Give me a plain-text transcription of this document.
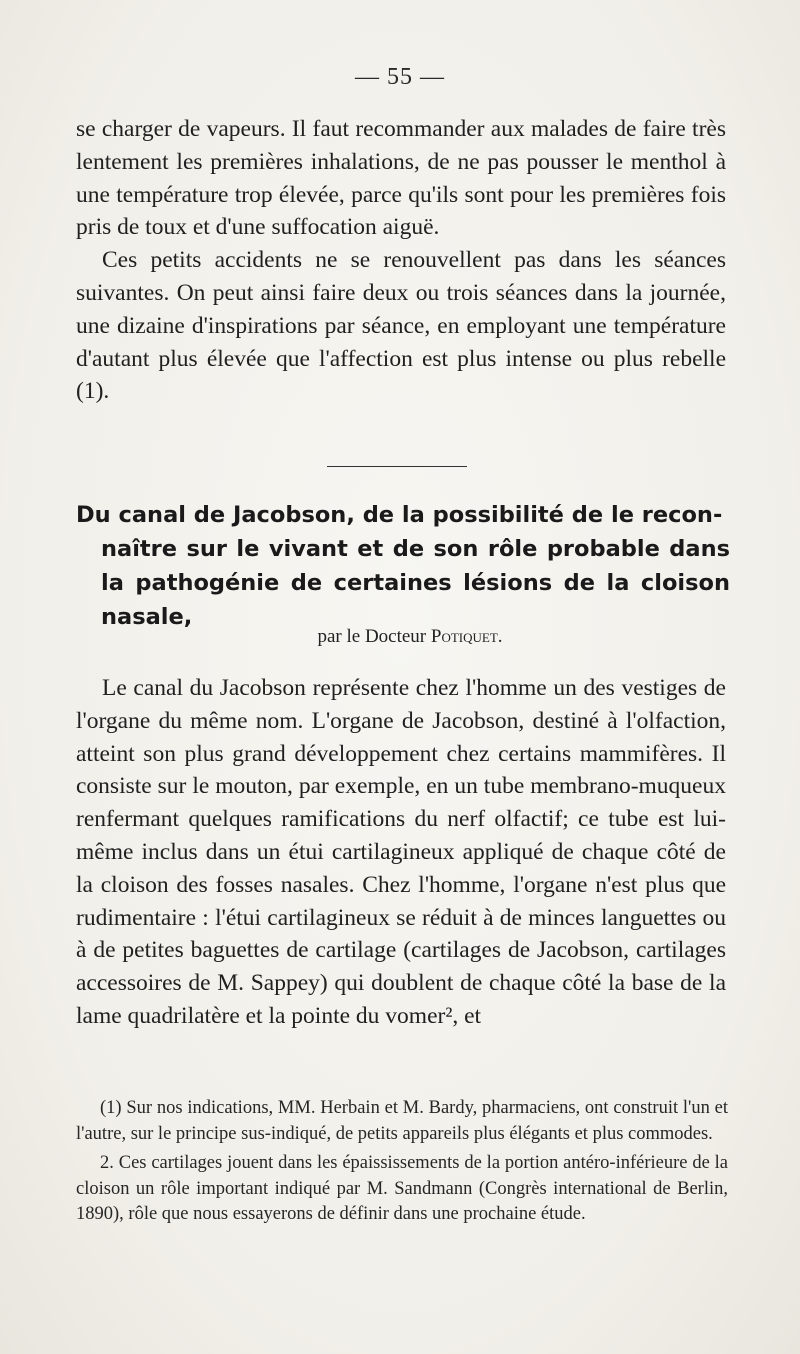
— 55 —

se charger de vapeurs. Il faut recommander aux malades de faire très lentement les premières inhalations, de ne pas pousser le menthol à une température trop élevée, parce qu'ils sont pour les premières fois pris de toux et d'une suffocation aiguë.

Ces petits accidents ne se renouvellent pas dans les séances suivantes. On peut ainsi faire deux ou trois séances dans la journée, une dizaine d'inspirations par séance, en employant une température d'autant plus élevée que l'affection est plus intense ou plus rebelle (1).

Du canal de Jacobson, de la possibilité de le recon-
naître sur le vivant et de son rôle probable dans la pathogénie de certaines lésions de la cloison nasale,
par le Docteur Potiquet.

Le canal du Jacobson représente chez l'homme un des vestiges de l'organe du même nom. L'organe de Jacobson, destiné à l'olfaction, atteint son plus grand développement chez certains mammifères. Il consiste sur le mouton, par exemple, en un tube membrano-muqueux renfermant quelques ramifications du nerf olfactif; ce tube est lui-même inclus dans un étui cartilagineux appliqué de chaque côté de la cloison des fosses nasales. Chez l'homme, l'organe n'est plus que rudimentaire : l'étui cartilagineux se réduit à de minces languettes ou à de petites baguettes de cartilage (cartilages de Jacobson, cartilages accessoires de M. Sappey) qui doublent de chaque côté la base de la lame quadrilatère et la pointe du vomer², et

(1) Sur nos indications, MM. Herbain et M. Bardy, pharmaciens, ont construit l'un et l'autre, sur le principe sus-indiqué, de petits appareils plus élégants et plus commodes.

2. Ces cartilages jouent dans les épaississements de la portion antéro-inférieure de la cloison un rôle important indiqué par M. Sandmann (Congrès international de Berlin, 1890), rôle que nous essayerons de définir dans une prochaine étude.
